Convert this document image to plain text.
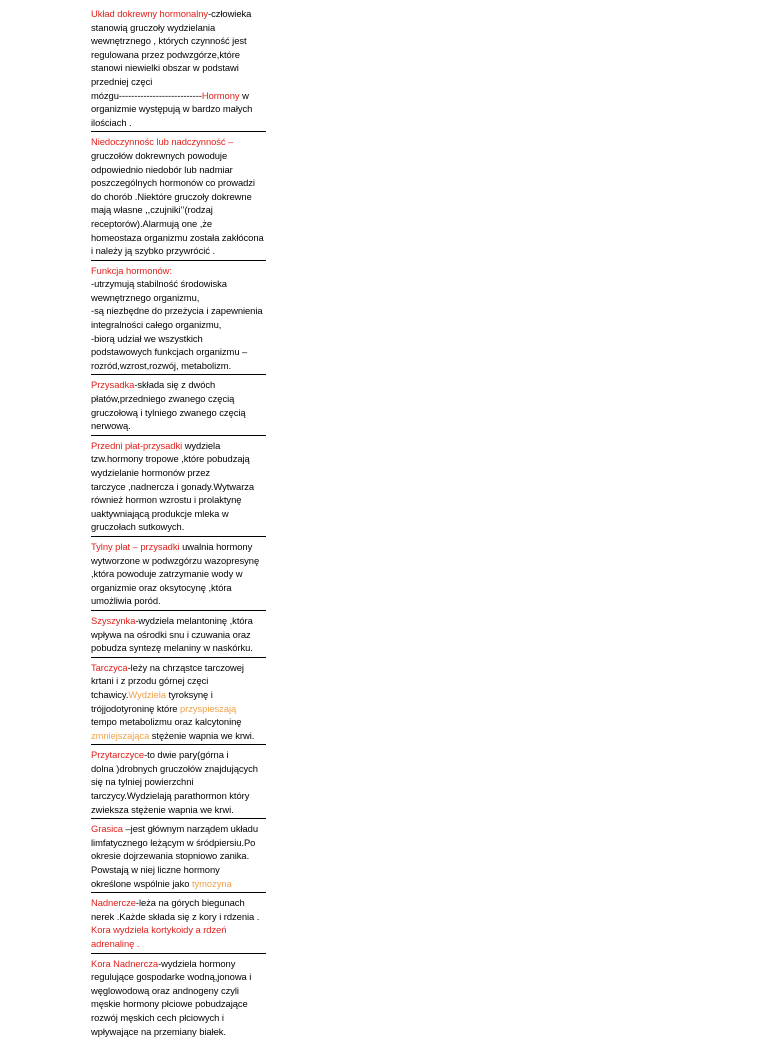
Układ dokrewny hormonalny-człowieka
stanowią gruczoły wydzielania
wewnętrznego , których czynność jest
regulowana przez podwzgórze,które
stanowi niewielki obszar w podstawi
przedniej częci
mózgu---------------------------Hormony w
organizmie występują w bardzo małych
ilościach .
Niedoczynnośc lub nadczynność –
gruczołów dokrewnych powoduje
odpowiednio niedobór lub nadmiar
poszczególnych hormonów co prowadzi
do chorób .Niektóre gruczoły dokrewne
mają własne ,,czujniki’’(rodzaj
receptorów).Alarmują one ,że
homeostaza organizmu została zakłócona
i należy ją szybko przywrócić .
Funkcja hormonów:
-utrzymują stabilność środowiska
wewnętrznego organizmu,
-są niezbędne do przeżycia i zapewnienia
integralności całego organizmu,
-biorą udział we wszystkich
podstawowych funkcjach organizmu –
rozród,wzrost,rozwój, metabolizm.
Przysadka-składa się z dwóch
płatów,przedniego zwanego częcią
gruczołową i tylniego zwanego częcią
nerwową.
Przedni płat-przysadki wydziela
tzw.hormony tropowe ,które pobudzają
wydzielanie hormonów przez
tarczyce ,nadnercza i gonady.Wytwarza
również hormon wzrostu i prolaktynę
uaktywniającą produkcje mleka w
gruczołach sutkowych.
Tylny płat – przysadki uwalnia hormony
wytworzone w podwzgórzu wazopresynę
,która powoduje zatrzymanie wody w
organizmie oraz oksytocynę ,która
umożliwia poród.
Szyszynka-wydziela melantoninę ,która
wpływa na ośrodki snu i czuwania oraz
pobudza syntezę melaniny w naskórku.
Tarczyca-leży na chrząstce tarczowej
krtani i z przodu górnej częci
tchawicy.Wydziela tyroksynę i
trójjodotyroninę które przyspieszają
tempo metabolizmu oraz kalcytoninę
zmniejszająca stężenie wapnia we krwi.
Przytarczyce-to dwie pary(górna i
dolna )drobnych gruczołów znajdujących
się na tylniej powierzchni
tarczycy.Wydzielają parathormon który
zwieksza stężenie wapnia we krwi.
Grasica –jest głównym narządem układu
limfatycznego leżącym w śródpiersiu.Po
okresie dojrzewania stopniowo zanika.
Powstają w niej liczne hormony
określone wspólnie jako tymozyna
Nadnercze-leża na górych biegunach
nerek .Każde składa się z kory i rdzenia .
Kora wydziela kortykoidy a rdzeń
adrenalinę .
Kora Nadnercza-wydziela hormony
regulujące gospodarke wodną,jonowa i
węglowodową oraz andnogeny czyli
męskie hormony płciowe pobudzające
rozwój męskich cech płciowych i
wpływające na przemiany białek.
